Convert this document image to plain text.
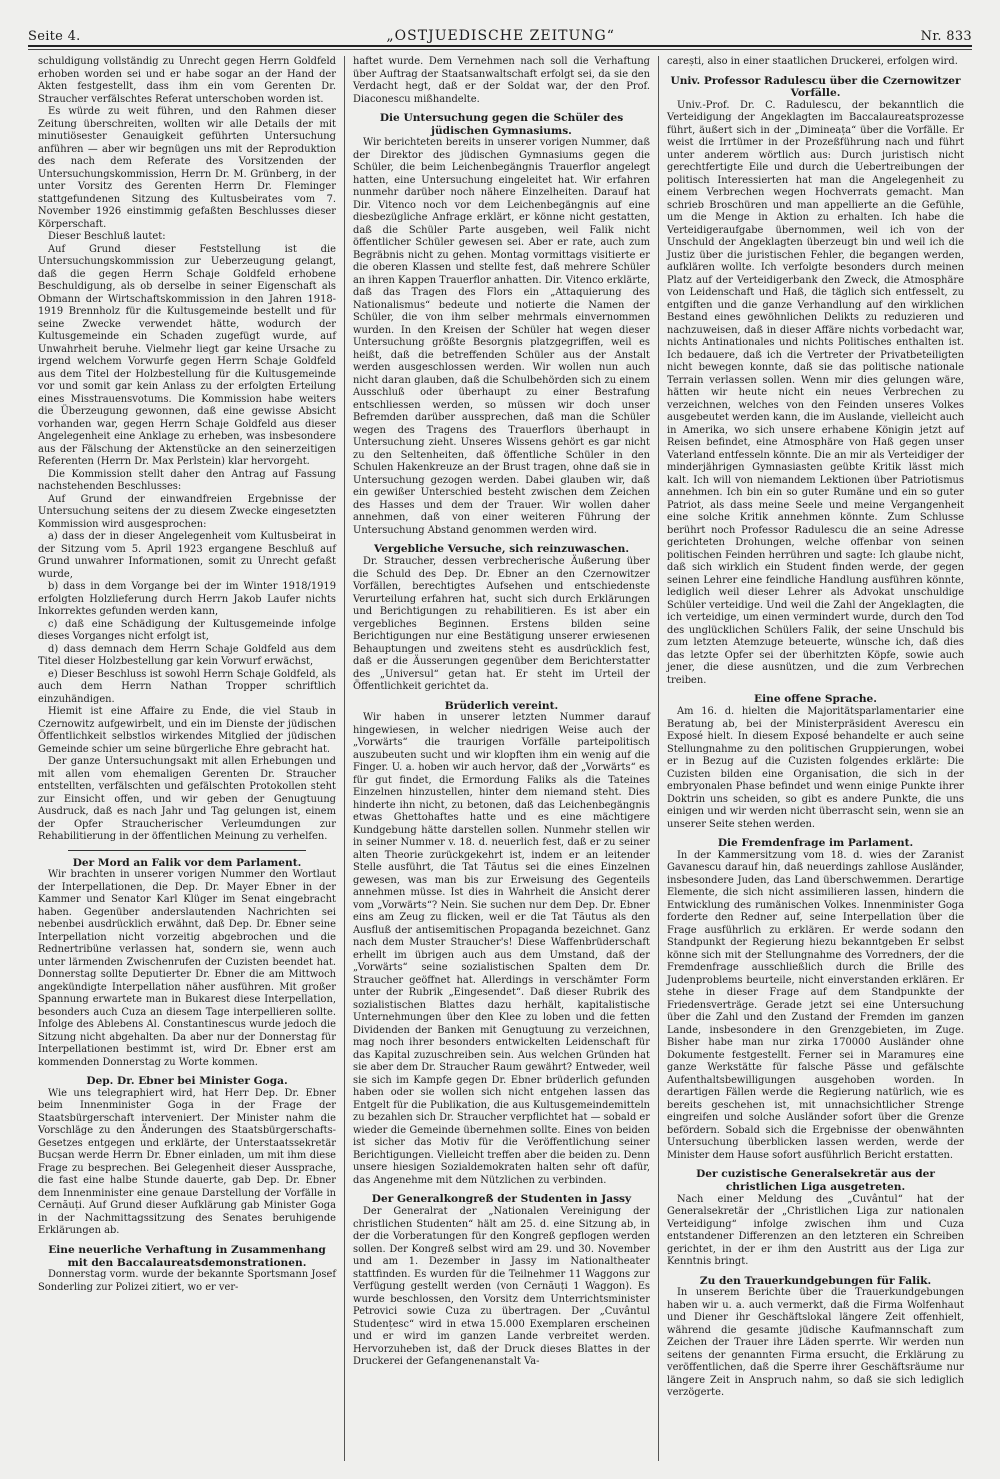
Seite 4.	„OSTJUEDISCHE ZEITUNG“	Nr. 833

schuldigung vollständig zu Unrecht gegen Herrn Goldfeld erhoben worden sei und er habe sogar an der Hand der Akten festgestellt, dass ihm ein vom Gerenten Dr. Straucher verfälschtes Referat unterschoben worden ist.

Es würde zu weit führen, und den Rahmen dieser Zeitung überschreiten, wollten wir alle Details der mit minutiösester Genauigkeit geführten Untersuchung anführen — aber wir begnügen uns mit der Reproduktion des nach dem Referate des Vorsitzenden der Untersuchungskommission, Herrn Dr. M. Grünberg, in der unter Vorsitz des Gerenten Herrn Dr. Fleminger stattgefundenen Sitzung des Kultusbeirates vom 7. November 1926 einstimmig gefaßten Beschlusses dieser Körperschaft.

Dieser Beschluß lautet:

Auf Grund dieser Feststellung ist die Untersuchungskommission zur Ueberzeugung gelangt, daß die gegen Herrn Schaje Goldfeld erhobene Beschuldigung, als ob derselbe in seiner Eigenschaft als Obmann der Wirtschaftskommission in den Jahren 1918-1919 Brennholz für die Kultusgemeinde bestellt und für seine Zwecke verwendet hätte, wodurch der Kultusgemeinde ein Schaden zugefügt wurde, auf Unwahrheit beruhe. Vielmehr liegt gar keine Ursache zu irgend welchem Vorwurfe gegen Herrn Schaje Goldfeld aus dem Titel der Holzbestellung für die Kultusgemeinde vor und somit gar kein Anlass zu der erfolgten Erteilung eines Misstrauensvotums. Die Kommission habe weiters die Überzeugung gewonnen, daß eine gewisse Absicht vorhanden war, gegen Herrn Schaje Goldfeld aus dieser Angelegenheit eine Anklage zu erheben, was insbesondere aus der Fälschung der Aktenstücke an den seinerzeitigen Referenten (Herrn Dr. Max Perlstein) klar hervorgeht.

Die Kommission stellt daher den Antrag auf Fassung nachstehenden Beschlusses:

Auf Grund der einwandfreien Ergebnisse der Untersuchung seitens der zu diesem Zwecke eingesetzten Kommission wird ausgesprochen:

a) dass der in dieser Angelegenheit vom Kultusbeirat in der Sitzung vom 5. April 1923 ergangene Beschluß auf Grund unwahrer Informationen, somit zu Unrecht gefaßt wurde,

b) dass in dem Vorgange bei der im Winter 1918/1919 erfolgten Holzlieferung durch Herrn Jakob Laufer nichts Inkorrektes gefunden werden kann,

c) daß eine Schädigung der Kultusgemeinde infolge dieses Vorganges nicht erfolgt ist,

d) dass demnach dem Herrn Schaje Goldfeld aus dem Titel dieser Holzbestellung gar kein Vorwurf erwächst,

e) Dieser Beschluss ist sowohl Herrn Schaje Goldfeld, als auch dem Herrn Nathan Tropper schriftlich einzuhändigen.

Hiemit ist eine Affaire zu Ende, die viel Staub in Czernowitz aufgewirbelt, und ein im Dienste der jüdischen Öffentlichkeit selbstlos wirkendes Mitglied der jüdischen Gemeinde schier um seine bürgerliche Ehre gebracht hat.

Der ganze Untersuchungsakt mit allen Erhebungen und mit allen vom ehemaligen Gerenten Dr. Straucher entstellten, verfälschten und gefälschten Protokollen steht zur Einsicht offen, und wir geben der Genugtuung Ausdruck, daß es nach Jahr und Tag gelungen ist, einem der Opfer Straucherischer Verleumdungen zur Rehabilitierung in der öffentlichen Meinung zu verhelfen.

Der Mord an Falik vor dem Parlament.

Wir brachten in unserer vorigen Nummer den Wortlaut der Interpellationen, die Dep. Dr. Mayer Ebner in der Kammer und Senator Karl Klüger im Senat eingebracht haben. Gegenüber anderslautenden Nachrichten sei nebenbei ausdrücklich erwähnt, daß Dep. Dr. Ebner seine Interpellation nicht vorzeitig abgebrochen und die Rednertribüne verlassen hat, sondern sie, wenn auch unter lärmenden Zwischenrufen der Cuzisten beendet hat. Donnerstag sollte Deputierter Dr. Ebner die am Mittwoch angekündigte Interpellation näher ausführen. Mit großer Spannung erwartete man in Bukarest diese Interpellation, besonders auch Cuza an diesem Tage interpellieren sollte. Infolge des Ablebens Al. Constantinescus wurde jedoch die Sitzung nicht abgehalten. Da aber nur der Donnerstag für Interpellationen bestimmt ist, wird Dr. Ebner erst am kommenden Donnerstag zu Worte kommen.

Dep. Dr. Ebner bei Minister Goga.

Wie uns telegraphiert wird, hat Herr Dep. Dr. Ebner beim Innenminister Goga in der Frage der Staatsbürgerschaft interveniert. Der Minister nahm die Vorschläge zu den Änderungen des Staatsbürgerschafts-Gesetzes entgegen und erklärte, der Unterstaatssekretär Bucșan werde Herrn Dr. Ebner einladen, um mit ihm diese Frage zu besprechen. Bei Gelegenheit dieser Aussprache, die fast eine halbe Stunde dauerte, gab Dep. Dr. Ebner dem Innenminister eine genaue Darstellung der Vorfälle in Cernăuți. Auf Grund dieser Aufklärung gab Minister Goga in der Nachmittagssitzung des Senates beruhigende Erklärungen ab.

Eine neuerliche Verhaftung in Zusammenhang mit den Baccalaureatsdemonstrationen.

Donnerstag vorm. wurde der bekannte Sportsmann Josef Sonderling zur Polizei zitiert, wo er ver-

haftet wurde. Dem Vernehmen nach soll die Verhaftung über Auftrag der Staatsanwaltschaft erfolgt sei, da sie den Verdacht hegt, daß er der Soldat war, der den Prof. Diaconescu mißhandelte.

Die Untersuchung gegen die Schüler des jüdischen Gymnasiums.

Wir berichteten bereits in unserer vorigen Nummer, daß der Direktor des jüdischen Gymnasiums gegen die Schüler, die beim Leichenbegängnis Trauerflor angelegt hatten, eine Untersuchung eingeleitet hat. Wir erfahren nunmehr darüber noch nähere Einzelheiten. Darauf hat Dir. Vitenco noch vor dem Leichenbegängnis auf eine diesbezügliche Anfrage erklärt, er könne nicht gestatten, daß die Schüler Parte ausgeben, weil Falik nicht öffentlicher Schüler gewesen sei. Aber er rate, auch zum Begräbnis nicht zu gehen. Montag vormittags visitierte er die oberen Klassen und stellte fest, daß mehrere Schüler an ihren Kappen Trauerflor anhatten. Dir. Vitenco erklärte, daß das Tragen des Flors ein „Attaquierung des Nationalismus“ bedeute und notierte die Namen der Schüler, die von ihm selber mehrmals einvernommen wurden. In den Kreisen der Schüler hat wegen dieser Untersuchung größte Besorgnis platzgegriffen, weil es heißt, daß die betreffenden Schüler aus der Anstalt werden ausgeschlossen werden. Wir wollen nun auch nicht daran glauben, daß die Schulbehörden sich zu einem Ausschluß oder überhaupt zu einer Bestrafung entschliessen werden, so müssen wir doch unser Befremden darüber aussprechen, daß man die Schüler wegen des Tragens des Trauerflors überhaupt in Untersuchung zieht. Unseres Wissens gehört es gar nicht zu den Seltenheiten, daß öffentliche Schüler in den Schulen Hakenkreuze an der Brust tragen, ohne daß sie in Untersuchung gezogen werden. Dabei glauben wir, daß ein gewißer Unterschied besteht zwischen dem Zeichen des Hasses und dem der Trauer. Wir wollen daher annehmen, daß von einer weiteren Führung der Untersuchung Abstand genommen werden wird.

Vergebliche Versuche, sich reinzuwaschen.

Dr. Straucher, dessen verbrecherische Äußerung über die Schuld des Dep. Dr. Ebner an den Czernowitzer Vorfällen, berechtigtes Aufsehen und entschiedenste Verurteilung erfahren hat, sucht sich durch Erklärungen und Berichtigungen zu rehabilitieren. Es ist aber ein vergebliches Beginnen. Erstens bilden seine Berichtigungen nur eine Bestätigung unserer erwiesenen Behauptungen und zweitens steht es ausdrücklich fest, daß er die Äusserungen gegenüber dem Berichterstatter des „Universul“ getan hat. Er steht im Urteil der Öffentlichkeit gerichtet da.

Brüderlich vereint.

Wir haben in unserer letzten Nummer darauf hingewiesen, in welcher niedrigen Weise auch der „Vorwärts“ die traurigen Vorfälle parteipolitisch auszubeuten sucht und wir klopften ihm ein wenig auf die Finger. U. a. hoben wir auch hervor, daß der „Vorwärts“ es für gut findet, die Ermordung Faliks als die Tateines Einzelnen hinzustellen, hinter dem niemand steht. Dies hinderte ihn nicht, zu betonen, daß das Leichenbegängnis etwas Ghettohaftes hatte und es eine mächtigere Kundgebung hätte darstellen sollen. Nunmehr stellen wir in seiner Nummer v. 18. d. neuerlich fest, daß er zu seiner alten Theorie zurückgekehrt ist, indem er an leitender Stelle ausführt, die Tat Tăutus sei die eines Einzelnen gewesen, was man bis zur Erweisung des Gegenteils annehmen müsse. Ist dies in Wahrheit die Ansicht derer vom „Vorwärts“? Nein. Sie suchen nur dem Dep. Dr. Ebner eins am Zeug zu flicken, weil er die Tat Tăutus als den Ausfluß der antisemitischen Propaganda bezeichnet. Ganz nach dem Muster Straucher's! Diese Waffenbrüderschaft erhellt im übrigen auch aus dem Umstand, daß der „Vorwärts“ seine sozialistischen Spalten dem Dr. Straucher geöffnet hat. Allerdings in verschämter Form unter der Rubrik „Eingesendet“. Daß dieser Rubrik des sozialistischen Blattes dazu herhält, kapitalistische Unternehmungen über den Klee zu loben und die fetten Dividenden der Banken mit Genugtuung zu verzeichnen, mag noch ihrer besonders entwickelten Leidenschaft für das Kapital zuzuschreiben sein. Aus welchen Gründen hat sie aber dem Dr. Straucher Raum gewährt? Entweder, weil sie sich im Kampfe gegen Dr. Ebner brüderlich gefunden haben oder sie wollen sich nicht entgehen lassen das Entgelt für die Publikation, die aus Kultusgemeindemitteln zu bezahlen sich Dr. Straucher verpflichtet hat — sobald er wieder die Gemeinde übernehmen sollte. Eines von beiden ist sicher das Motiv für die Veröffentlichung seiner Berichtigungen. Vielleicht treffen aber die beiden zu. Denn unsere hiesigen Sozialdemokraten halten sehr oft dafür, das Angenehme mit dem Nützlichen zu verbinden.

Der Generalkongreß der Studenten in Jassy

Der Generalrat der „Nationalen Vereinigung der christlichen Studenten“ hält am 25. d. eine Sitzung ab, in der die Vorberatungen für den Kongreß gepflogen werden sollen. Der Kongreß selbst wird am 29. und 30. November und am 1. Dezember in Jassy im Nationaltheater stattfinden. Es wurden für die Teilnehmer 11 Waggons zur Verfügung gestellt werden (von Cernăuți 1 Waggon). Es wurde beschlossen, den Vorsitz dem Unterrichtsminister Petrovici sowie Cuza zu übertragen. Der „Cuvântul Studențesc“ wird in etwa 15.000 Exemplaren erscheinen und er wird im ganzen Lande verbreitet werden. Hervorzuheben ist, daß der Druck dieses Blattes in der Druckerei der Gefangenenanstalt Va-

carești, also in einer staatlichen Druckerei, erfolgen wird.

Univ. Professor Radulescu über die Czernowitzer Vorfälle.

Univ.-Prof. Dr. C. Radulescu, der bekanntlich die Verteidigung der Angeklagten im Baccalaureatsprozesse führt, äußert sich in der „Dimineața“ über die Vorfälle. Er weist die Irrtümer in der Prozeßführung nach und führt unter anderem wörtlich aus: Durch juristisch nicht gerechtfertigte Eile und durch die Uebertreibungen der politisch Interessierten hat man die Angelegenheit zu einem Verbrechen wegen Hochverrats gemacht. Man schrieb Broschüren und man appellierte an die Gefühle, um die Menge in Aktion zu erhalten. Ich habe die Verteidigeraufgabe übernommen, weil ich von der Unschuld der Angeklagten überzeugt bin und weil ich die Justiz über die juristischen Fehler, die begangen werden, aufklären wollte. Ich verfolgte besonders durch meinen Platz auf der Verteidigerbank den Zweck, die Atmosphäre von Leidenschaft und Haß, die täglich sich entfesselt, zu entgiften und die ganze Verhandlung auf den wirklichen Bestand eines gewöhnlichen Delikts zu reduzieren und nachzuweisen, daß in dieser Affäre nichts vorbedacht war, nichts Antinationales und nichts Politisches enthalten ist. Ich bedauere, daß ich die Vertreter der Privatbeteiligten nicht bewegen konnte, daß sie das politische nationale Terrain verlassen sollen. Wenn mir dies gelungen wäre, hätten wir heute nicht ein neues Verbrechen zu verzeichnen, welches von den Feinden unseres Volkes ausgebeutet werden kann, die im Auslande, vielleicht auch in Amerika, wo sich unsere erhabene Königin jetzt auf Reisen befindet, eine Atmosphäre von Haß gegen unser Vaterland entfesseln könnte. Die an mir als Verteidiger der minderjährigen Gymnasiasten geübte Kritik lässt mich kalt. Ich will von niemandem Lektionen über Patriotismus annehmen. Ich bin ein so guter Rumäne und ein so guter Patriot, als dass meine Seele und meine Vergangenheit eine solche Kritik annehmen könnte. Zum Schlusse berührt noch Professor Radulescu die an seine Adresse gerichteten Drohungen, welche offenbar von seinen politischen Feinden herrühren und sagte: Ich glaube nicht, daß sich wirklich ein Student finden werde, der gegen seinen Lehrer eine feindliche Handlung ausführen könnte, lediglich weil dieser Lehrer als Advokat unschuldige Schüler verteidige. Und weil die Zahl der Angeklagten, die ich verteidige, um einen vermindert wurde, durch den Tod des unglücklichen Schülers Falik, der seine Unschuld bis zum letzten Atemzuge beteuerte, wünsche ich, daß dies das letzte Opfer sei der überhitzten Köpfe, sowie auch jener, die diese ausnützen, und die zum Verbrechen treiben.

Eine offene Sprache.

Am 16. d. hielten die Majoritätsparlamentarier eine Beratung ab, bei der Ministerpräsident Averescu ein Exposé hielt. In diesem Exposé behandelte er auch seine Stellungnahme zu den politischen Gruppierungen, wobei er in Bezug auf die Cuzisten folgendes erklärte: Die Cuzisten bilden eine Organisation, die sich in der embryonalen Phase befindet und wenn einige Punkte ihrer Doktrin uns scheiden, so gibt es andere Punkte, die uns einigen und wir werden nicht überrascht sein, wenn sie an unserer Seite stehen werden.

Die Fremdenfrage im Parlament.

In der Kammersitzung vom 18. d. wies der Zaranist Gavanescu darauf hin, daß neuerdings zahllose Ausländer, insbesondere Juden, das Land überschwemmen. Derartige Elemente, die sich nicht assimilieren lassen, hindern die Entwicklung des rumänischen Volkes. Innenminister Goga forderte den Redner auf, seine Interpellation über die Frage ausführlich zu erklären. Er werde sodann den Standpunkt der Regierung hiezu bekanntgeben Er selbst könne sich mit der Stellungnahme des Vorredners, der die Fremdenfrage ausschließlich durch die Brille des Judenproblems beurteile, nicht einverstanden erklären. Er stehe in dieser Frage auf dem Standpunkte der Friedensverträge. Gerade jetzt sei eine Untersuchung über die Zahl und den Zustand der Fremden im ganzen Lande, insbesondere in den Grenzgebieten, im Zuge. Bisher habe man nur zirka 170000 Ausländer ohne Dokumente festgestellt. Ferner sei in Maramureș eine ganze Werkstätte für falsche Pässe und gefälschte Aufenthaltsbewilligungen ausgehoben worden. In derartigen Fällen werde die Regierung natürlich, wie es bereits geschehen ist, mit unnachsichtlicher Strenge eingreifen und solche Ausländer sofort über die Grenze befördern. Sobald sich die Ergebnisse der obenwähnten Untersuchung überblicken lassen werden, werde der Minister dem Hause sofort ausführlich Bericht erstatten.

Der cuzistische Generalsekretär aus der christlichen Liga ausgetreten.

Nach einer Meldung des „Cuvântul“ hat der Generalsekretär der „Christlichen Liga zur nationalen Verteidigung“ infolge zwischen ihm und Cuza entstandener Differenzen an den letzteren ein Schreiben gerichtet, in der er ihm den Austritt aus der Liga zur Kenntnis bringt.

Zu den Trauerkundgebungen für Falik.

In unserem Berichte über die Trauerkundgebungen haben wir u. a. auch vermerkt, daß die Firma Wolfenhaut und Diener ihr Geschäftslokal längere Zeit offenhielt, während die gesamte jüdische Kaufmannschaft zum Zeichen der Trauer ihre Läden sperrte. Wir werden nun seitens der genannten Firma ersucht, die Erklärung zu veröffentlichen, daß die Sperre ihrer Geschäftsräume nur längere Zeit in Anspruch nahm, so daß sie sich lediglich verzögerte.
